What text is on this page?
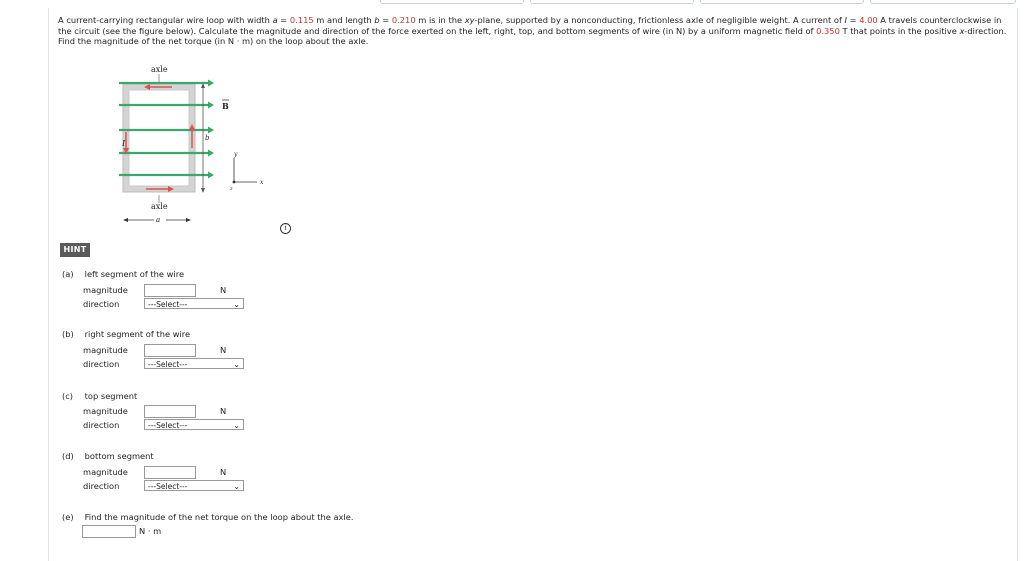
A current-carrying rectangular wire loop with width a = 0.115 m and length b = 0.210 m is in the xy-plane, supported by a nonconducting, frictionless axle of negligible weight. A current of I = 4.00 A travels counterclockwise in the circuit (see the figure below). Calculate the magnitude and direction of the force exerted on the left, right, top, and bottom segments of wire (in N) by a uniform magnetic field of 0.350 T that points in the positive x-direction. Find the magnitude of the net torque (in N · m) on the loop about the axle.
axle
I
b
B
y
x
z
axle
a
i
HINT
(a) left segment of the wire
magnitude	N
direction	---Select---	⌄
(b) right segment of the wire
magnitude	N
direction	---Select---	⌄
(c) top segment
magnitude	N
direction	---Select---	⌄
(d) bottom segment
magnitude	N
direction	---Select---	⌄
(e) Find the magnitude of the net torque on the loop about the axle.
N · m
